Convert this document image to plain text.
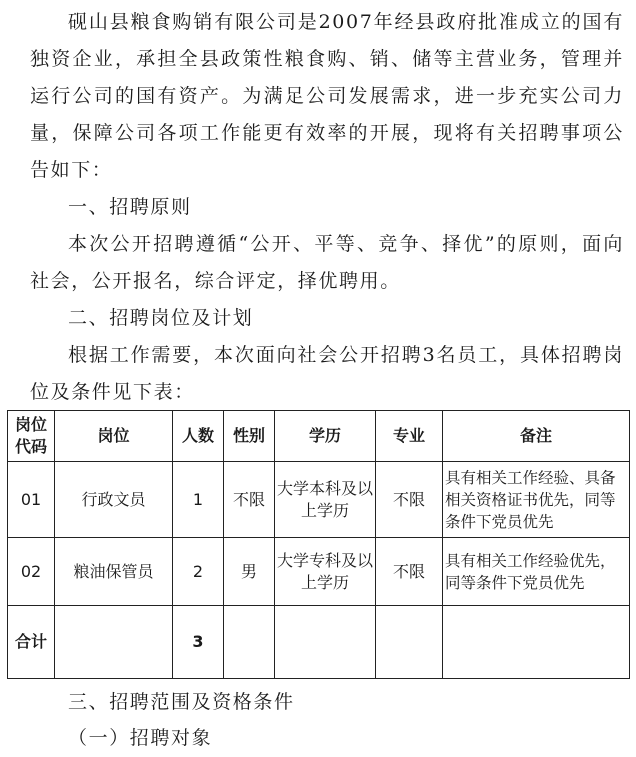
砚山县粮食购销有限公司是2007年经县政府批准成立的国有独资企业，承担全县政策性粮食购、销、储等主营业务，管理并运行公司的国有资产。为满足公司发展需求，进一步充实公司力量，保障公司各项工作能更有效率的开展，现将有关招聘事项公告如下：

一、招聘原则

本次公开招聘遵循“公开、平等、竞争、择优”的原则，面向社会，公开报名，综合评定，择优聘用。

二、招聘岗位及计划

根据工作需要，本次面向社会公开招聘3名员工，具体招聘岗位及条件见下表：

岗位代码	岗位	人数	性别	学历	专业	备注
01	行政文员	1	不限	大学本科及以上学历	不限	具有相关工作经验、具备相关资格证书优先，同等条件下党员优先
02	粮油保管员	2	男	大学专科及以上学历	不限	具有相关工作经验优先，同等条件下党员优先
合计		3				

三、招聘范围及资格条件

（一）招聘对象
